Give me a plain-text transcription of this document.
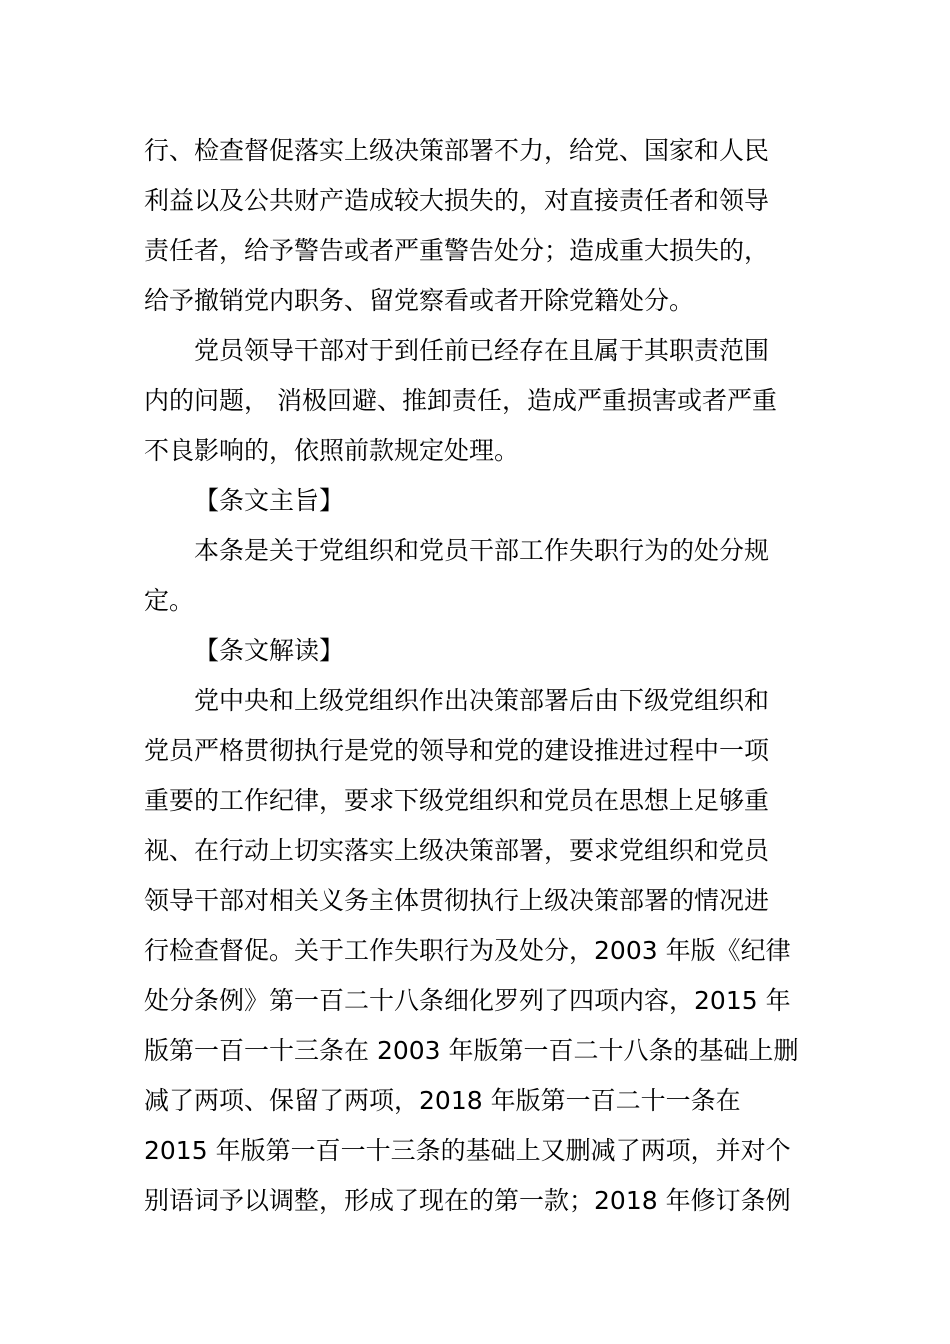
行、检查督促落实上级决策部署不力，给党、国家和人民
利益以及公共财产造成较大损失的，对直接责任者和领导
责任者，给予警告或者严重警告处分；造成重大损失的，
给予撤销党内职务、留党察看或者开除党籍处分。
党员领导干部对于到任前已经存在且属于其职责范围
内的问题， 消极回避、推卸责任，造成严重损害或者严重
不良影响的，依照前款规定处理。
【条文主旨】
本条是关于党组织和党员干部工作失职行为的处分规
定。
【条文解读】
党中央和上级党组织作出决策部署后由下级党组织和
党员严格贯彻执行是党的领导和党的建设推进过程中一项
重要的工作纪律，要求下级党组织和党员在思想上足够重
视、在行动上切实落实上级决策部署，要求党组织和党员
领导干部对相关义务主体贯彻执行上级决策部署的情况进
行检查督促。关于工作失职行为及处分，2003 年版《纪律
处分条例》第一百二十八条细化罗列了四项内容，2015 年
版第一百一十三条在 2003 年版第一百二十八条的基础上删
减了两项、保留了两项，2018 年版第一百二十一条在
2015 年版第一百一十三条的基础上又删减了两项，并对个
别语词予以调整，形成了现在的第一款；2018 年修订条例
